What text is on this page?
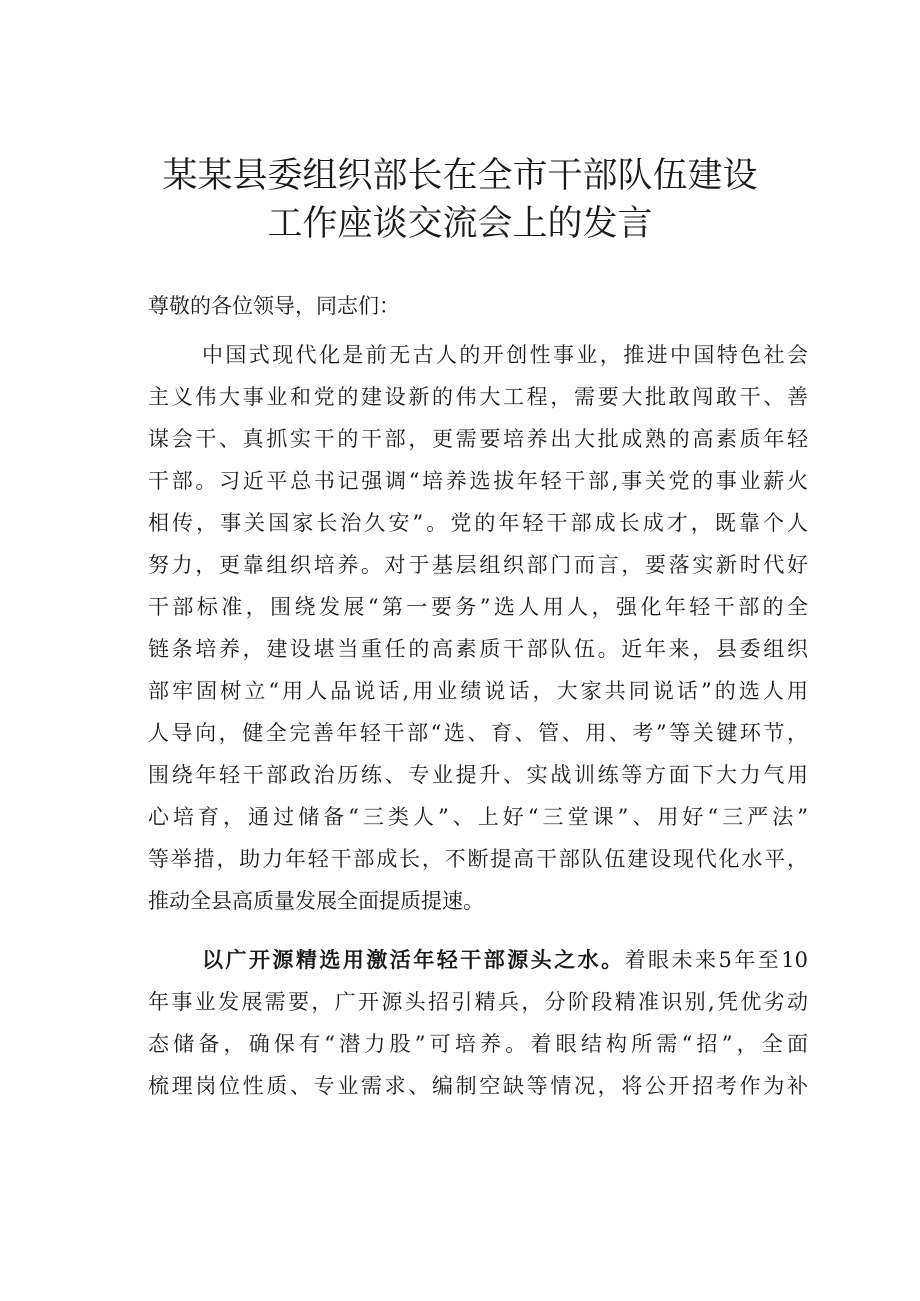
某某县委组织部长在全市干部队伍建设
工作座谈交流会上的发言
尊敬的各位领导，同志们：
中国式现代化是前无古人的开创性事业，推进中国特色社会
主义伟大事业和党的建设新的伟大工程，需要大批敢闯敢干、善
谋会干、真抓实干的干部，更需要培养出大批成熟的高素质年轻
干部。习近平总书记强调“培养选拔年轻干部,事关党的事业薪火
相传，事关国家长治久安”。党的年轻干部成长成才，既靠个人
努力，更靠组织培养。对于基层组织部门而言，要落实新时代好
干部标准，围绕发展“第一要务”选人用人，强化年轻干部的全
链条培养，建设堪当重任的高素质干部队伍。近年来，县委组织
部牢固树立“用人品说话,用业绩说话，大家共同说话”的选人用
人导向，健全完善年轻干部“选、育、管、用、考”等关键环节，
围绕年轻干部政治历练、专业提升、实战训练等方面下大力气用
心培育，通过储备“三类人”、上好“三堂课”、用好“三严法”
等举措，助力年轻干部成长，不断提高干部队伍建设现代化水平，
推动全县高质量发展全面提质提速。
以广开源精选用激活年轻干部源头之水。着眼未来5年至10
年事业发展需要，广开源头招引精兵，分阶段精准识别,凭优劣动
态储备，确保有“潜力股”可培养。着眼结构所需“招”，全面
梳理岗位性质、专业需求、编制空缺等情况，将公开招考作为补
